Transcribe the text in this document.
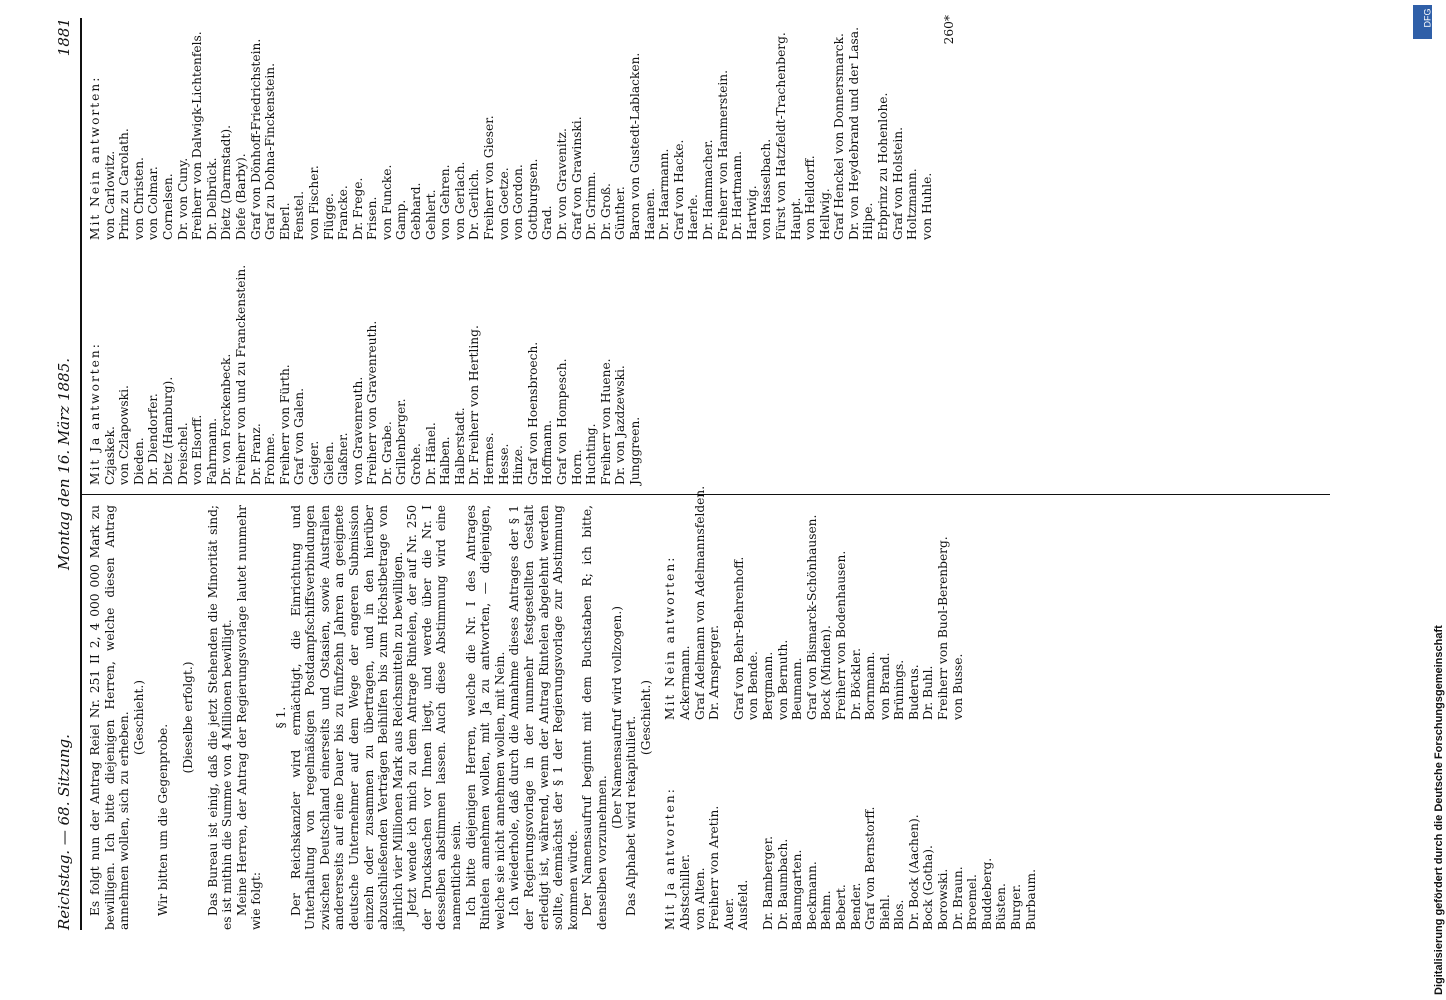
Reichstag. — 68. Sitzung.
Montag den 16. März 1885.
1881

Es folgt nun der Antrag Reiel Nr. 251 II 2, 4 000 000 Mark zu bewilligen. Ich bitte diejenigen Herren, welche diesen Antrag annehmen wollen, sich zu erheben. (Geschieht.)

Wir bitten um die Gegenprobe.

(Dieselbe erfolgt.) Das Bureau ist einig, daß die jetzt Stehenden die Minorität sind; es ist mithin die Summe von 4 Millionen bewilligt. Meine Herren, der Antrag der Regierungsvorlage lautet nunmehr wie folgt:

§ 1. Der Reichskanzler wird ermächtigt, die Einrichtung und Unterhaltung von regelmäßigen Postdampfschiffsverbindungen zwischen Deutschland einerseits und Ostasien, sowie Australien andererseits auf eine Dauer bis zu fünfzehn Jahren an geeignete deutsche Unternehmer auf dem Wege der engeren Submission einzeln oder zusammen zu übertragen, und in den hierüber abzuschließenden Verträgen Beihilfen bis zum Höchstbetrage von jährlich vier Millionen Mark aus Reichsmitteln zu bewilligen. Jetzt wende ich mich zu dem Antrage Rintelen, der auf Nr. 250 der Drucksachen vor Ihnen liegt, und werde über die Nr. I desselben abstimmen lassen. Auch diese Abstimmung wird eine namentliche sein. Ich bitte diejenigen Herren, welche die Nr. I des Antrages Rintelen annehmen wollen, mit Ja zu antworten, — diejenigen, welche sie nicht annehmen wollen, mit Nein. Ich wiederhole, daß durch die Annahme dieses Antrages der § 1 der Regierungsvorlage in der nunmehr festgestellten Gestalt erledigt ist, während, wenn der Antrag Rintelen abgelehnt werden sollte, demnächst der § 1 der Regierungsvorlage zur Abstimmung kommen würde. Der Namensaufruf beginnt mit dem Buchstaben R; ich bitte, denselben vorzunehmen.

(Der Namensaufruf wird vollzogen.) Das Alphabet wird rekapituliert. (Geschieht.)

Mit Ja antworten: Abstschiller. von Alten. Freiherr von Aretin. Auer. Ausfeld. Dr. Bamberger. Dr. Baumbach. Baumgarten. Beckmann. Behm. Bebert. Bender. Graf von Bernstorff. Biehl. Blos. Dr. Bock (Aachen). Bock (Gotha). Borowski. Dr. Braun. Broemel. Buddeberg. Büsten. Burger. Burbaum.
Mit Nein antworten: Ackermann. Graf Adelmann von Adelmannsfelden. Dr. Arnsperger. Graf von Behr-Behrenhoff. von Bende. Bergmann. von Bernuth. Beumann. Graf von Bismarck-Schönhausen. Bock (Minden). Freiherr von Bodenhausen. Dr. Böckler. Bornmann. von Brand. Brünings. Buderus. Dr. Buhl. Freiherr von Buol-Berenberg. von Busse.
Mit Ja antworten: Czjaskek. von Czlapowski. Dieden. Dr. Diendorfer. Dietz (Hamburg). Dreischel. von Elsorff. Fahrmann. Dr. von Forckenbeck. Freiherr von und zu Franckenstein. Dr. Franz. Frohme. Freiherr von Fürth. Graf von Galen. Geiger. Gielen. Glaßner. von Gravenreuth. Freiherr von Gravenreuth. Dr. Grabe. Grillenberger. Grohe. Dr. Hänel. Halben. Halberstadt. Dr. Freiherr von Hertling. Hermes. Hesse. Hinze. Graf von Hoensbroech. Hoffmann. Graf von Hompesch. Horn. Huchting. Freiherr von Huene. Dr. von Jazdzewski. Junggreen.
Mit Nein antworten: von Carlowitz. Prinz zu Carolath. von Christen. von Colmar. Cornelsen. Dr. von Cuny. Freiherr von Dalwigk-Lichtenfels. Dr. Delbrück. Dietz (Darmstadt). Diefe (Barby). Graf von Dönhoff-Friedrichstein. Graf zu Dohna-Finckenstein. Eberl. Fenstel. von Fischer. Flügge. Francke. Dr. Frege. Frisen. von Funcke. Gamp. Gebhard. Gehlert. von Gehren. von Gerlach. Dr. Gerlich. Freiherr von Gieser. von Goetze. von Gordon. Gottburgsen. Grad. Dr. von Gravenitz. Graf von Grawinski. Dr. Grimm. Dr. Groß. Günther. Baron von Gustedt-Lablacken. Haanen. Dr. Haarmann. Graf von Hacke. Haerle. Dr. Hammacher. Freiherr von Hammerstein. Dr. Hartmann. Hartwig. von Hasselbach. Fürst von Hatzfeldt-Trachenberg. Haupt. von Helldorff. Hellwig. Graf Henckel von Donnersmarck. Dr. von Heydebrand und der Lasa. Hilpe. Erbprinz zu Hohenlohe. Graf von Holstein. Holtzmann. von Huhle.
260*
Digitalisierung gefördert durch die Deutsche Forschungsgemeinschaft
DFG
